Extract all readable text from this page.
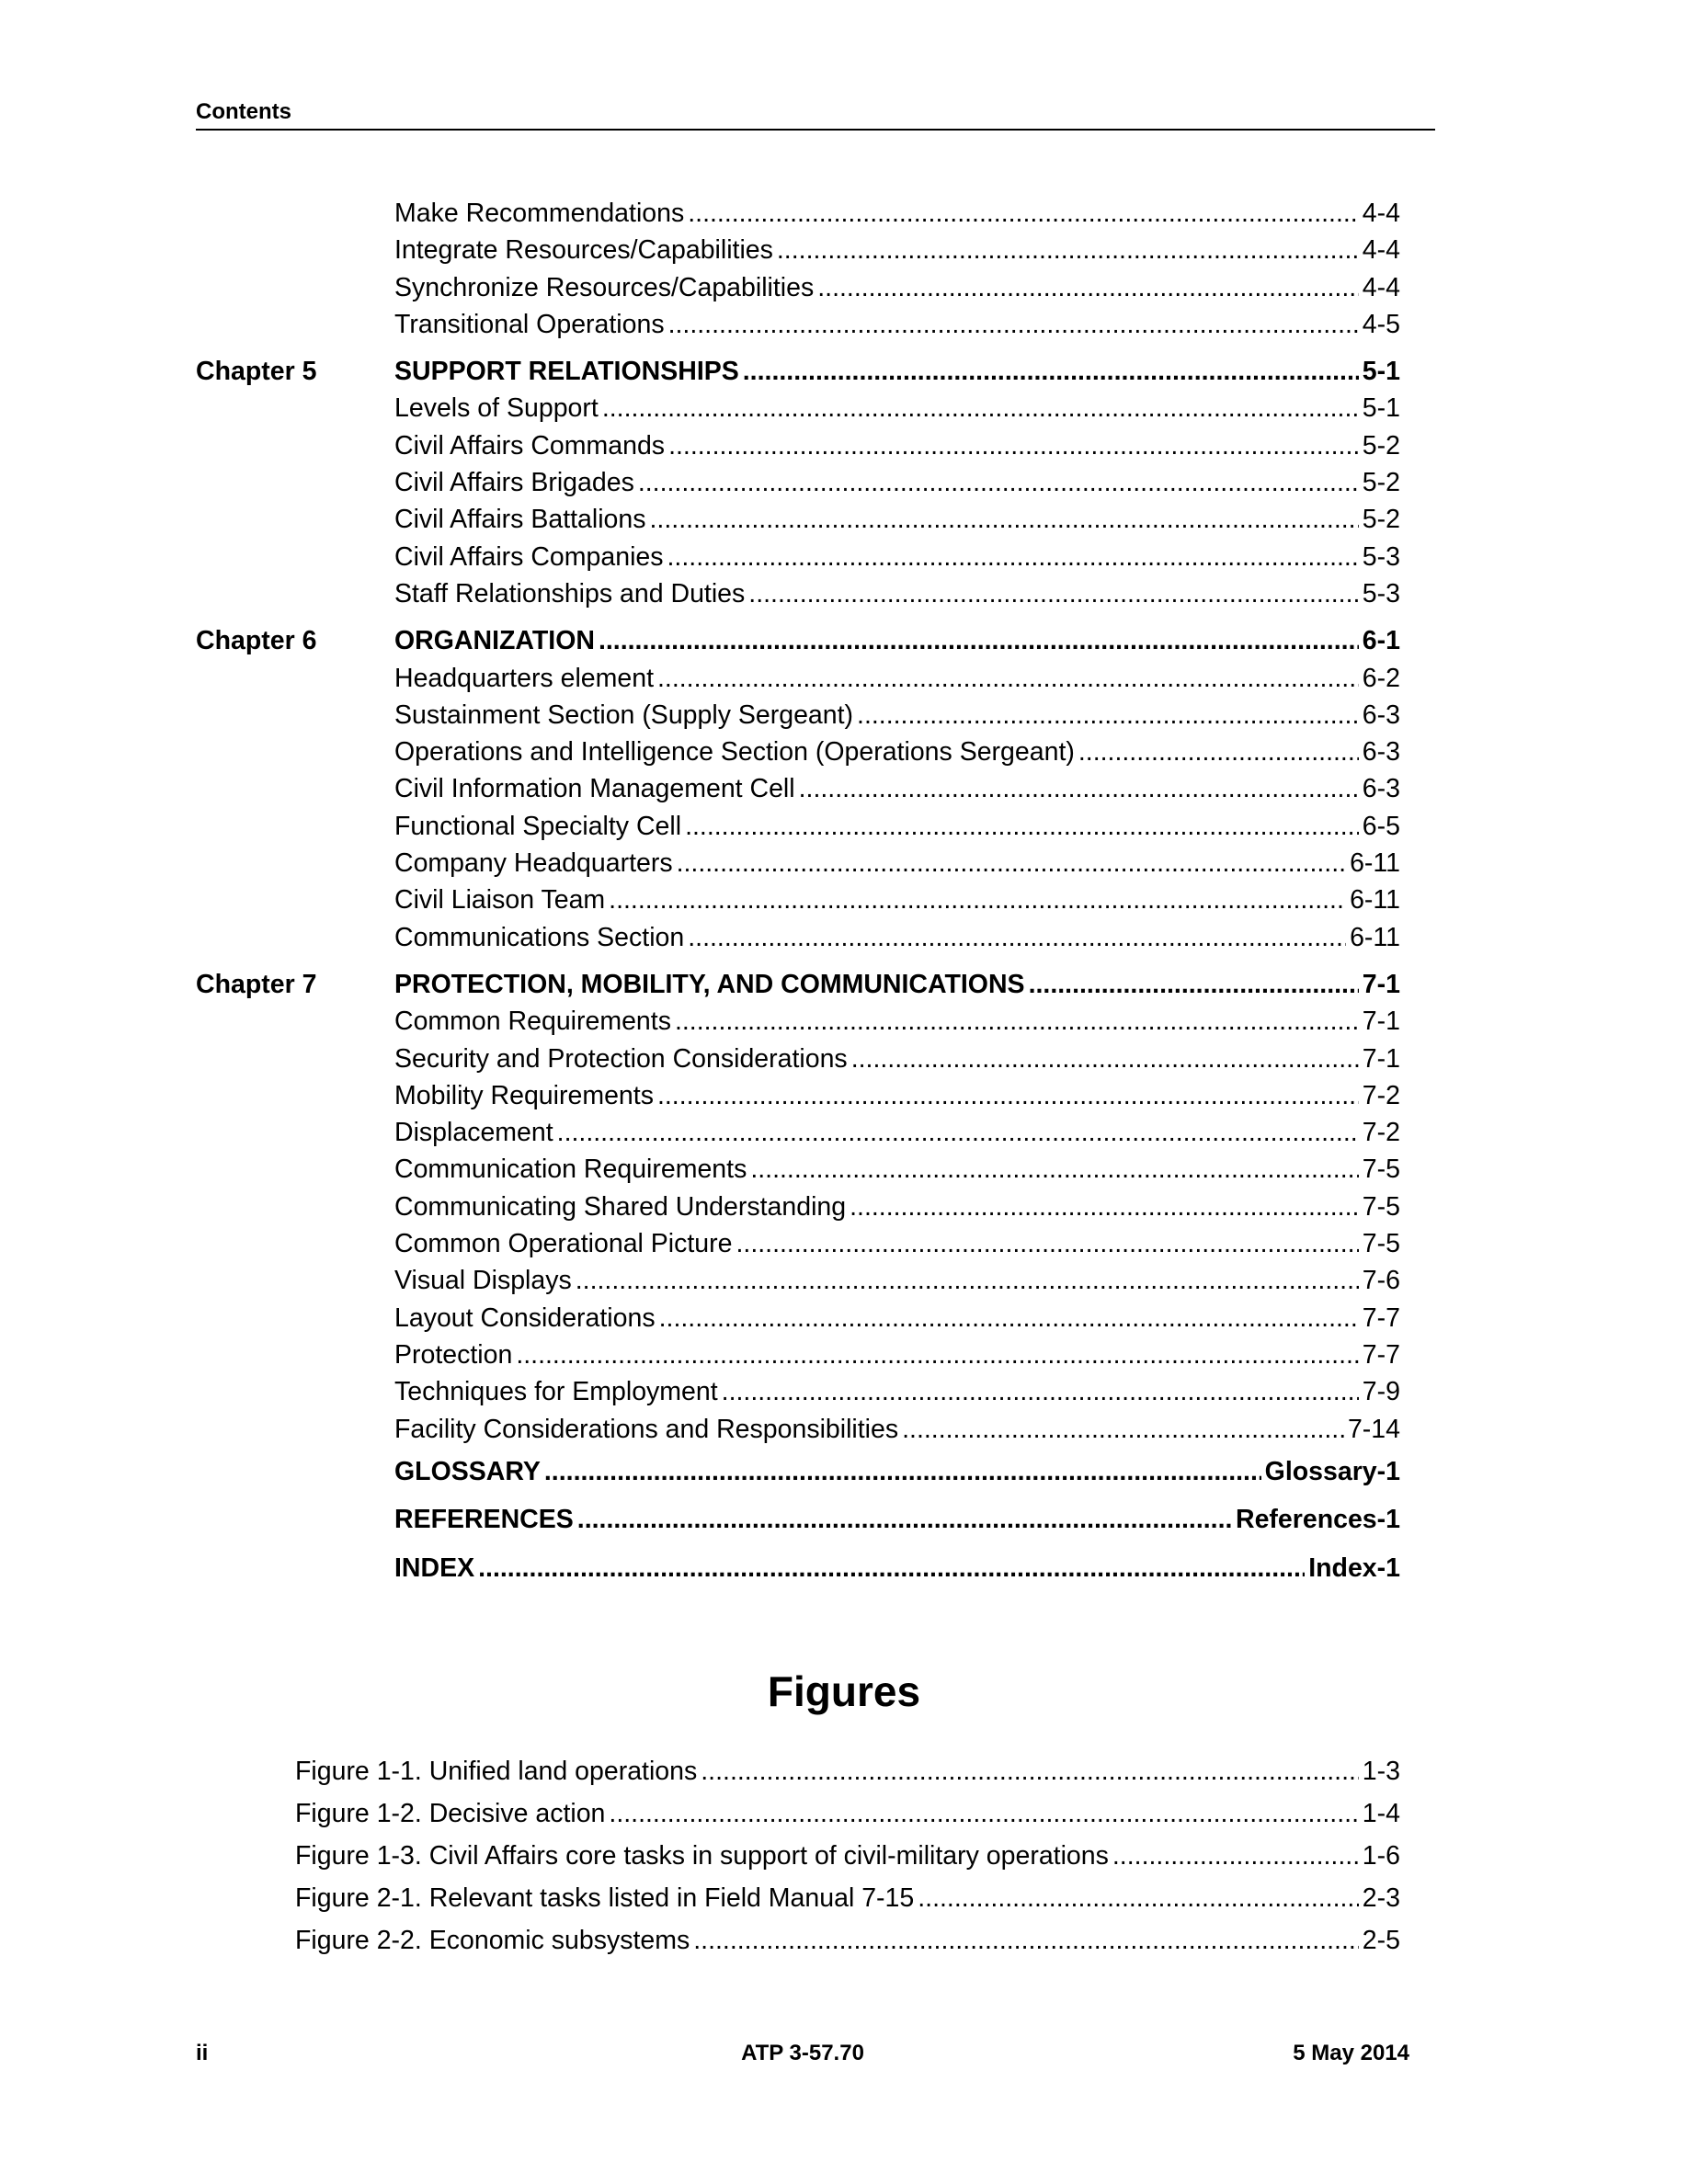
Contents
Make Recommendations .....	4-4
Integrate Resources/Capabilities .....	4-4
Synchronize Resources/Capabilities .....	4-4
Transitional Operations .....	4-5
Chapter 5	SUPPORT RELATIONSHIPS .....	5-1
Levels of Support .....	5-1
Civil Affairs Commands .....	5-2
Civil Affairs Brigades .....	5-2
Civil Affairs Battalions .....	5-2
Civil Affairs Companies .....	5-3
Staff Relationships and Duties .....	5-3
Chapter 6	ORGANIZATION .....	6-1
Headquarters element .....	6-2
Sustainment Section (Supply Sergeant) .....	6-3
Operations and Intelligence Section (Operations Sergeant) .....	6-3
Civil Information Management Cell .....	6-3
Functional Specialty Cell .....	6-5
Company Headquarters .....	6-11
Civil Liaison Team .....	6-11
Communications Section .....	6-11
Chapter 7	PROTECTION, MOBILITY, AND COMMUNICATIONS .....	7-1
Common Requirements .....	7-1
Security and Protection Considerations .....	7-1
Mobility Requirements .....	7-2
Displacement .....	7-2
Communication Requirements .....	7-5
Communicating Shared Understanding .....	7-5
Common Operational Picture .....	7-5
Visual Displays .....	7-6
Layout Considerations .....	7-7
Protection .....	7-7
Techniques for Employment .....	7-9
Facility Considerations and Responsibilities .....	7-14
GLOSSARY .....	Glossary-1
REFERENCES .....	References-1
INDEX .....	Index-1
Figures
Figure 1-1. Unified land operations .....	1-3
Figure 1-2. Decisive action .....	1-4
Figure 1-3. Civil Affairs core tasks in support of civil-military operations .....	1-6
Figure 2-1. Relevant tasks listed in Field Manual 7-15 .....	2-3
Figure 2-2. Economic subsystems .....	2-5
ii	ATP 3-57.70	5 May 2014
